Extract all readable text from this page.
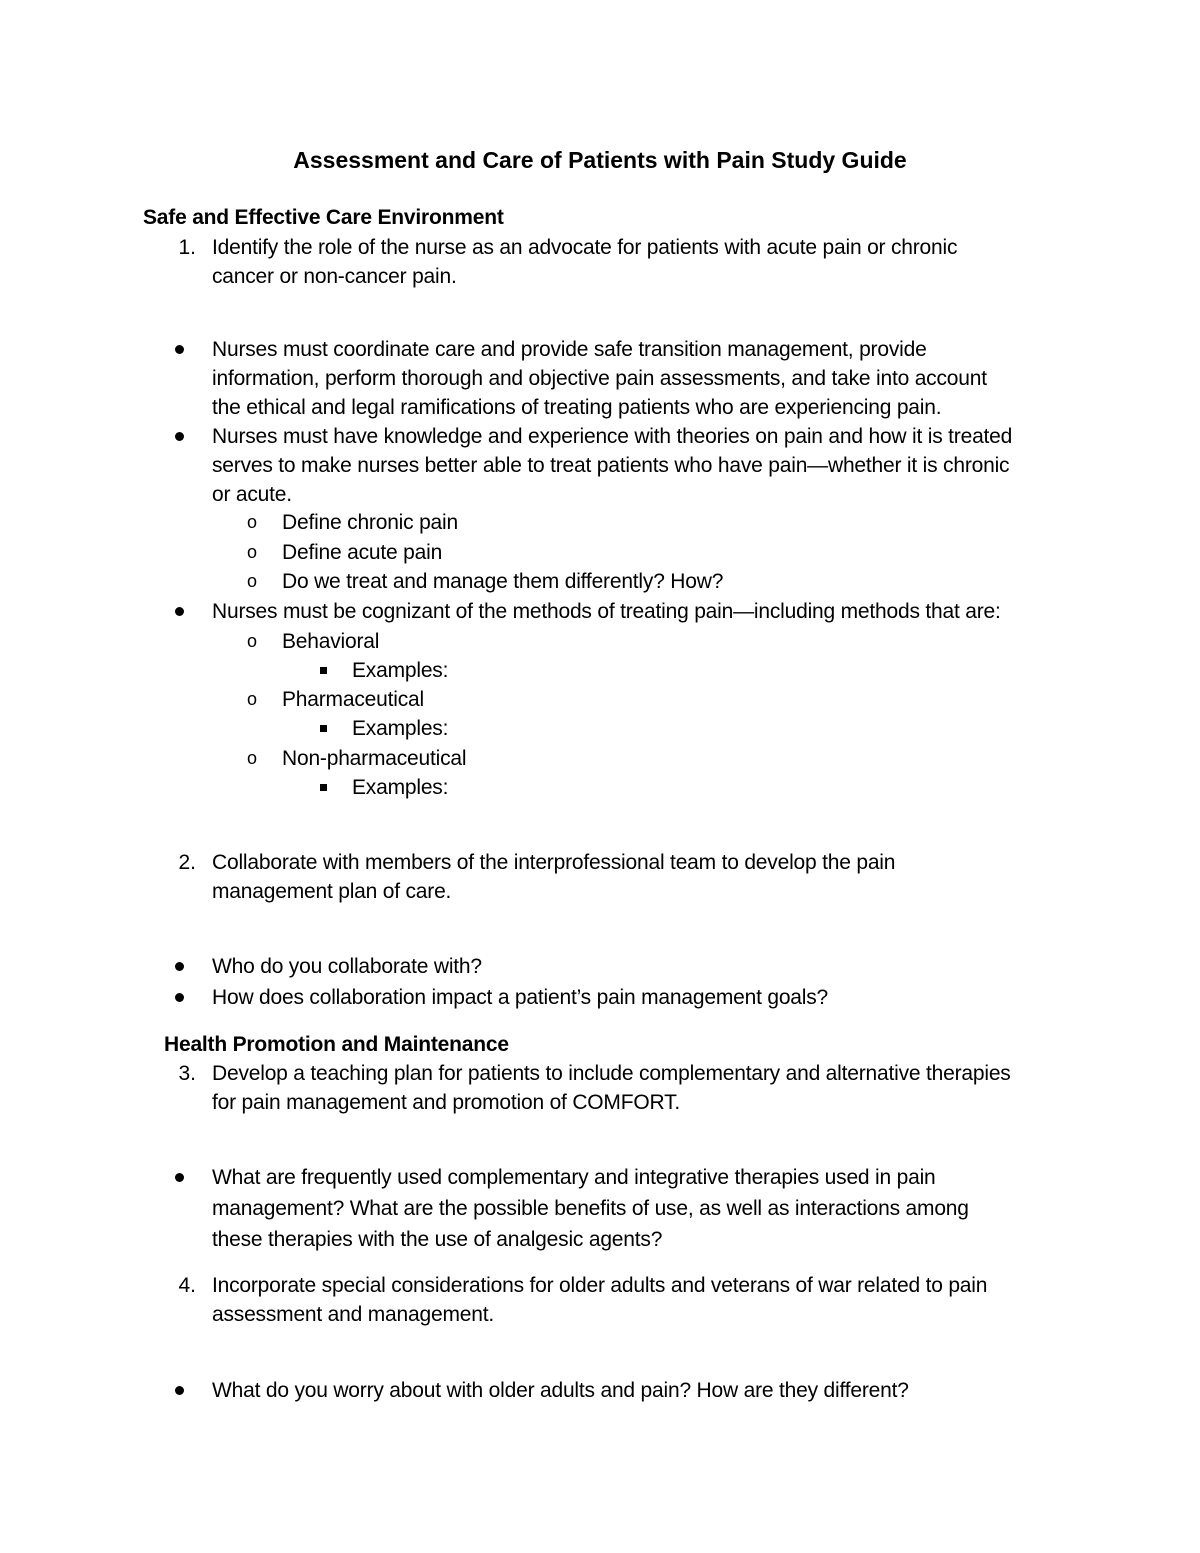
Assessment and Care of Patients with Pain Study Guide
Safe and Effective Care Environment
1. Identify the role of the nurse as an advocate for patients with acute pain or chronic
cancer or non-cancer pain.
Nurses must coordinate care and provide safe transition management, provide
information, perform thorough and objective pain assessments, and take into account
the ethical and legal ramifications of treating patients who are experiencing pain.
Nurses must have knowledge and experience with theories on pain and how it is treated
serves to make nurses better able to treat patients who have pain—whether it is chronic
or acute.
o Define chronic pain
o Define acute pain
o Do we treat and manage them differently? How?
Nurses must be cognizant of the methods of treating pain—including methods that are:
o Behavioral
Examples:
o Pharmaceutical
Examples:
o Non-pharmaceutical
Examples:
2. Collaborate with members of the interprofessional team to develop the pain
management plan of care.
Who do you collaborate with?
How does collaboration impact a patient’s pain management goals?
Health Promotion and Maintenance
3. Develop a teaching plan for patients to include complementary and alternative therapies
for pain management and promotion of COMFORT.
What are frequently used complementary and integrative therapies used in pain
management? What are the possible benefits of use, as well as interactions among
these therapies with the use of analgesic agents?
4. Incorporate special considerations for older adults and veterans of war related to pain
assessment and management.
What do you worry about with older adults and pain? How are they different?
